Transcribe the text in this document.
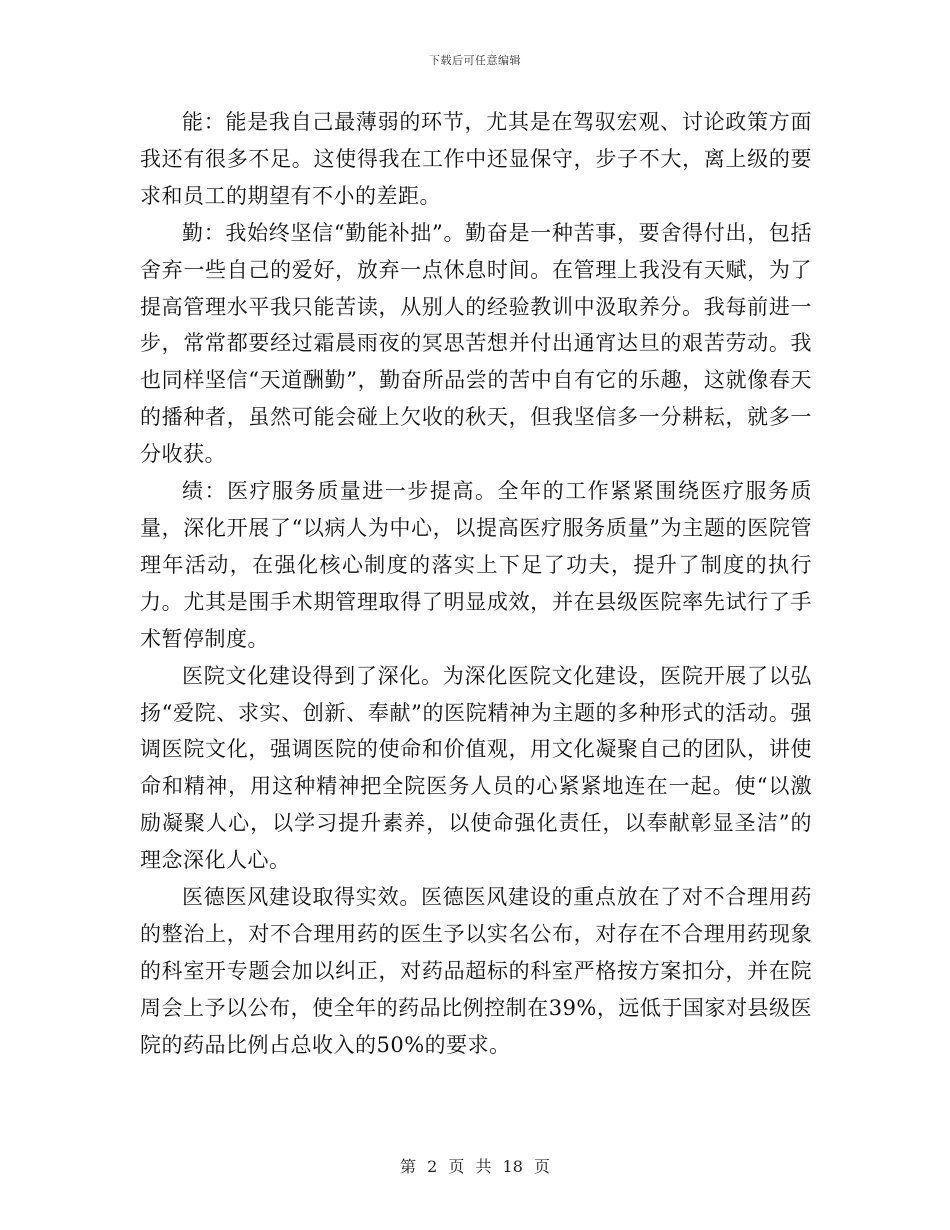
下载后可任意编辑

能：能是我自己最薄弱的环节，尤其是在驾驭宏观、讨论政策方面我还有很多不足。这使得我在工作中还显保守，步子不大，离上级的要求和员工的期望有不小的差距。

勤：我始终坚信“勤能补拙”。勤奋是一种苦事，要舍得付出，包括舍弃一些自己的爱好，放弃一点休息时间。在管理上我没有天赋，为了提高管理水平我只能苦读，从别人的经验教训中汲取养分。我每前进一步，常常都要经过霜晨雨夜的冥思苦想并付出通宵达旦的艰苦劳动。我也同样坚信“天道酬勤”，勤奋所品尝的苦中自有它的乐趣，这就像春天的播种者，虽然可能会碰上欠收的秋天，但我坚信多一分耕耘，就多一分收获。

绩：医疗服务质量进一步提高。全年的工作紧紧围绕医疗服务质量，深化开展了“以病人为中心，以提高医疗服务质量”为主题的医院管理年活动，在强化核心制度的落实上下足了功夫，提升了制度的执行力。尤其是围手术期管理取得了明显成效，并在县级医院率先试行了手术暂停制度。

医院文化建设得到了深化。为深化医院文化建设，医院开展了以弘扬“爱院、求实、创新、奉献”的医院精神为主题的多种形式的活动。强调医院文化，强调医院的使命和价值观，用文化凝聚自己的团队，讲使命和精神，用这种精神把全院医务人员的心紧紧地连在一起。使“以激励凝聚人心，以学习提升素养，以使命强化责任，以奉献彰显圣洁”的理念深化人心。

医德医风建设取得实效。医德医风建设的重点放在了对不合理用药的整治上，对不合理用药的医生予以实名公布，对存在不合理用药现象的科室开专题会加以纠正，对药品超标的科室严格按方案扣分，并在院周会上予以公布，使全年的药品比例控制在39%，远低于国家对县级医院的药品比例占总收入的50%的要求。

第 2 页 共 18 页
